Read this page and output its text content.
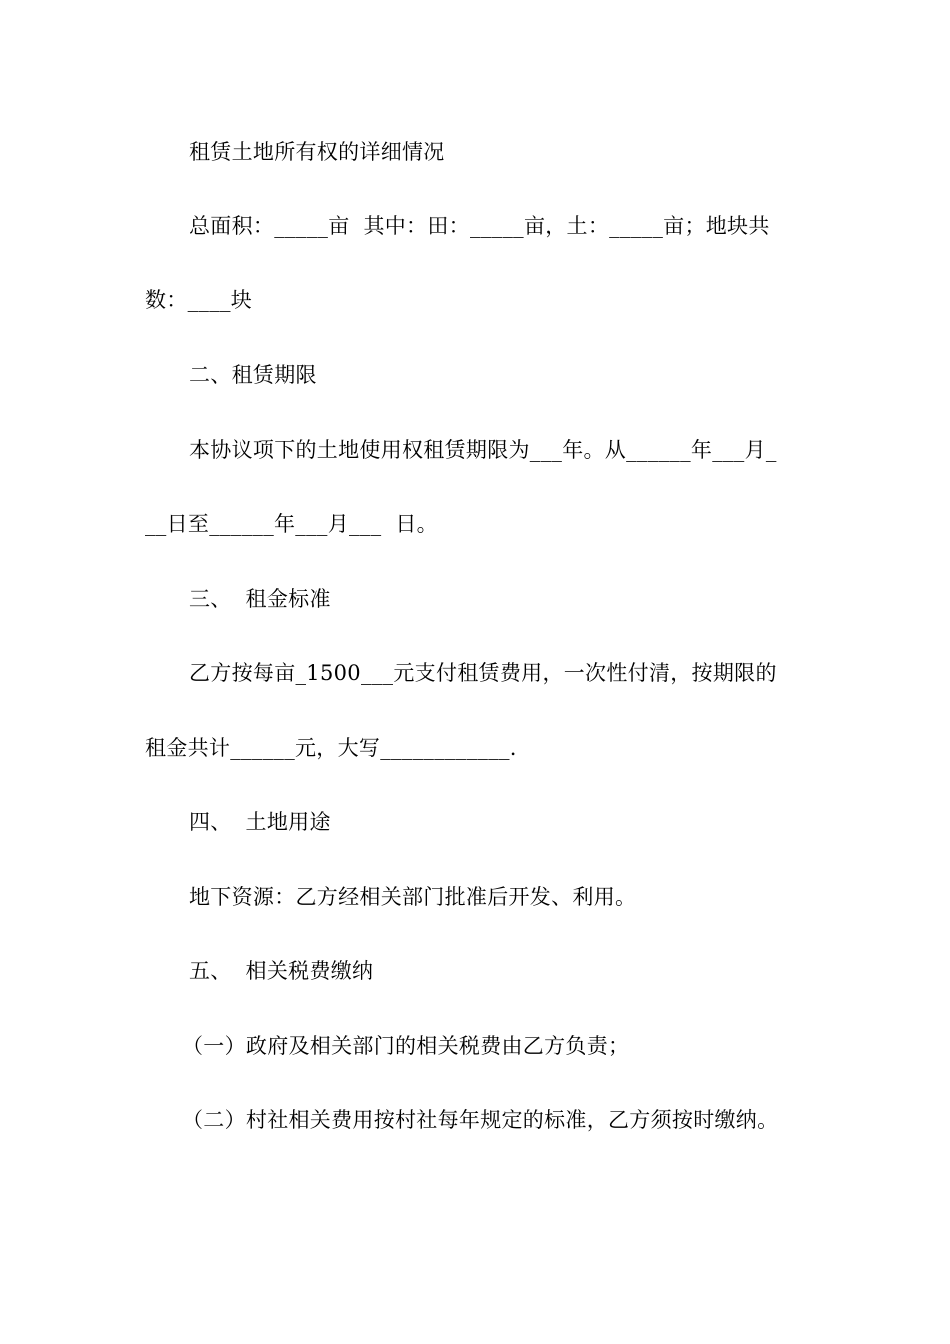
租赁土地所有权的详细情况
总面积：_____亩  其中：田：_____亩，土：_____亩；地块共
数：____块
二、租赁期限
本协议项下的土地使用权租赁期限为___年。从______年___月_
__日至______年___月___  日。
三、  租金标准
乙方按每亩_1500___元支付租赁费用，一次性付清，按期限的
租金共计______元，大写____________.
四、  土地用途
地下资源：乙方经相关部门批准后开发、利用。
五、  相关税费缴纳
（一）政府及相关部门的相关税费由乙方负责；
（二）村社相关费用按村社每年规定的标准，乙方须按时缴纳。
